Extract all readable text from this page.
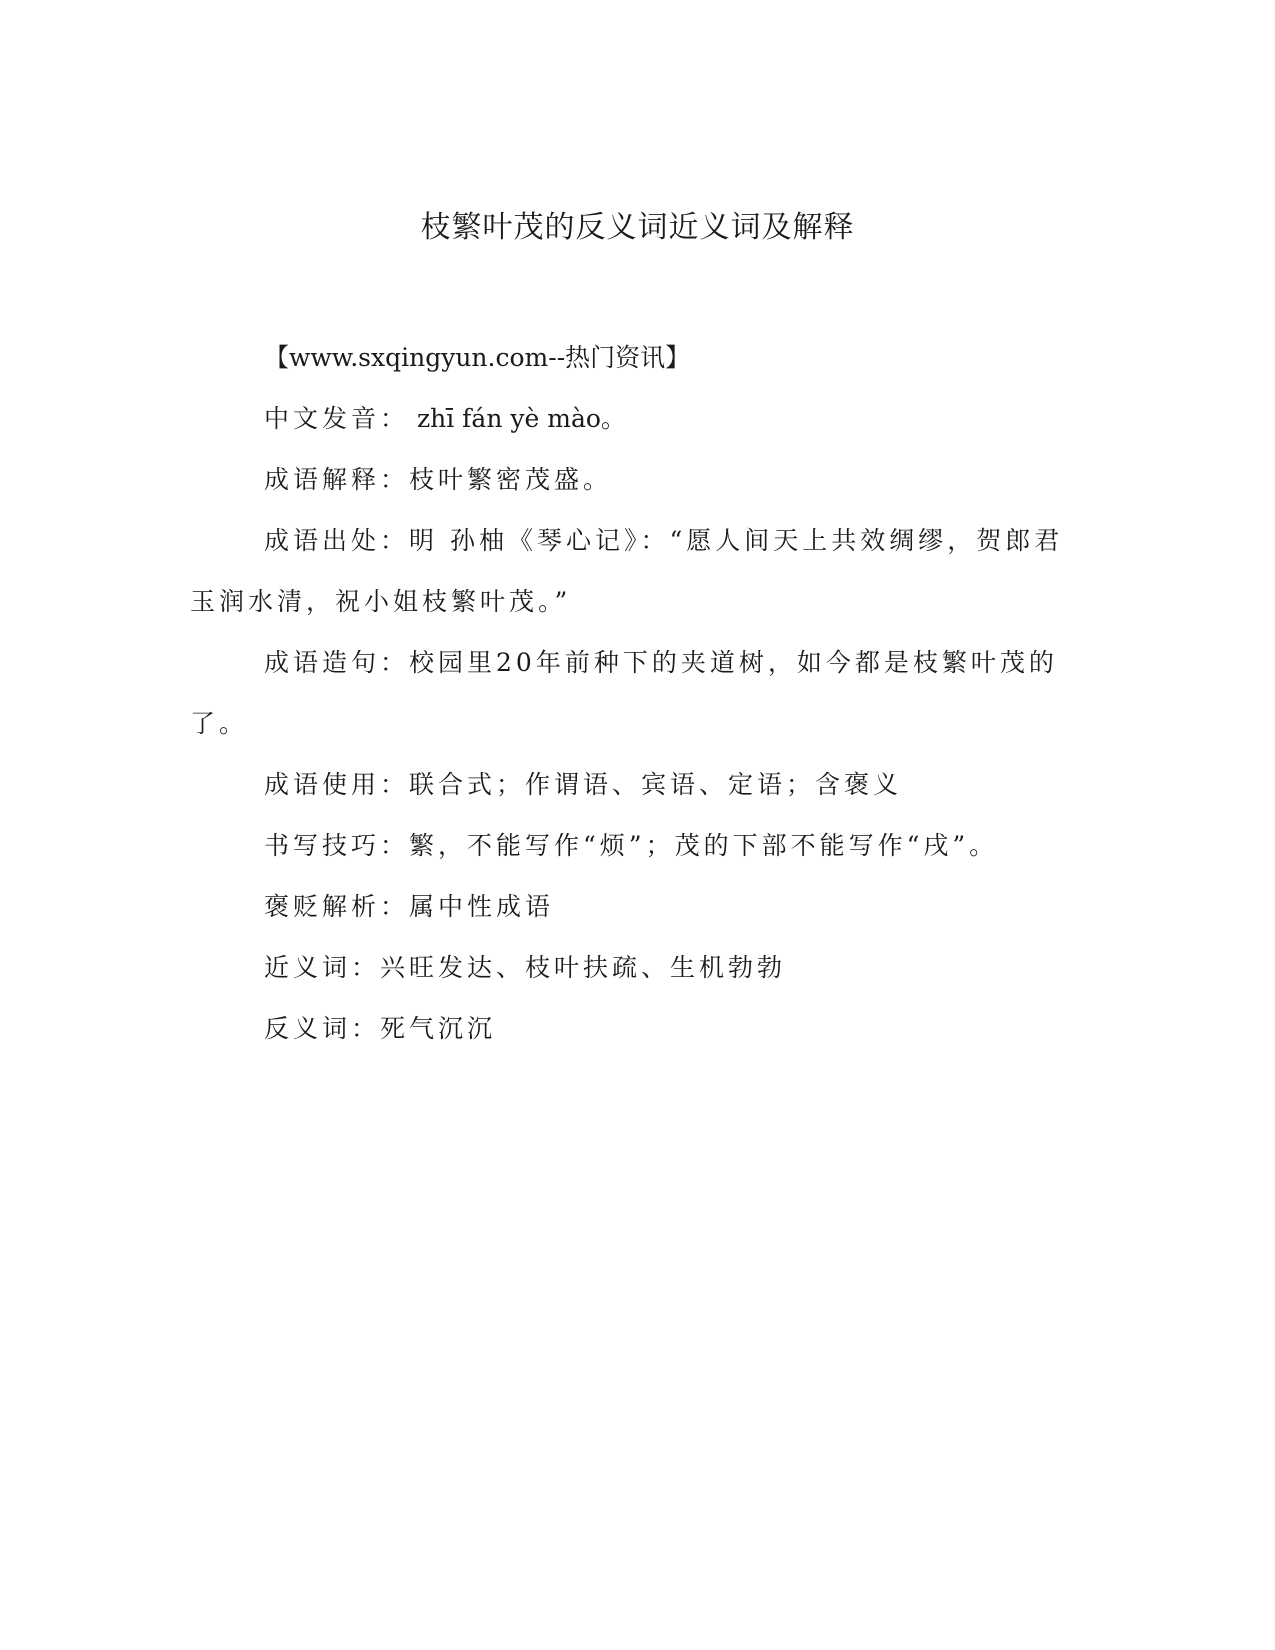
枝繁叶茂的反义词近义词及解释

【www.sxqingyun.com--热门资讯】

中文发音： zhī fán yè mào。

成语解释：枝叶繁密茂盛。

成语出处：明 孙柚《琴心记》：“愿人间天上共效绸缪，贺郎君玉润水清，祝小姐枝繁叶茂。”

成语造句：校园里20年前种下的夹道树，如今都是枝繁叶茂的了。

成语使用：联合式；作谓语、宾语、定语；含褒义

书写技巧：繁，不能写作“烦”；茂的下部不能写作“戌”。

褒贬解析：属中性成语

近义词：兴旺发达、枝叶扶疏、生机勃勃

反义词：死气沉沉
